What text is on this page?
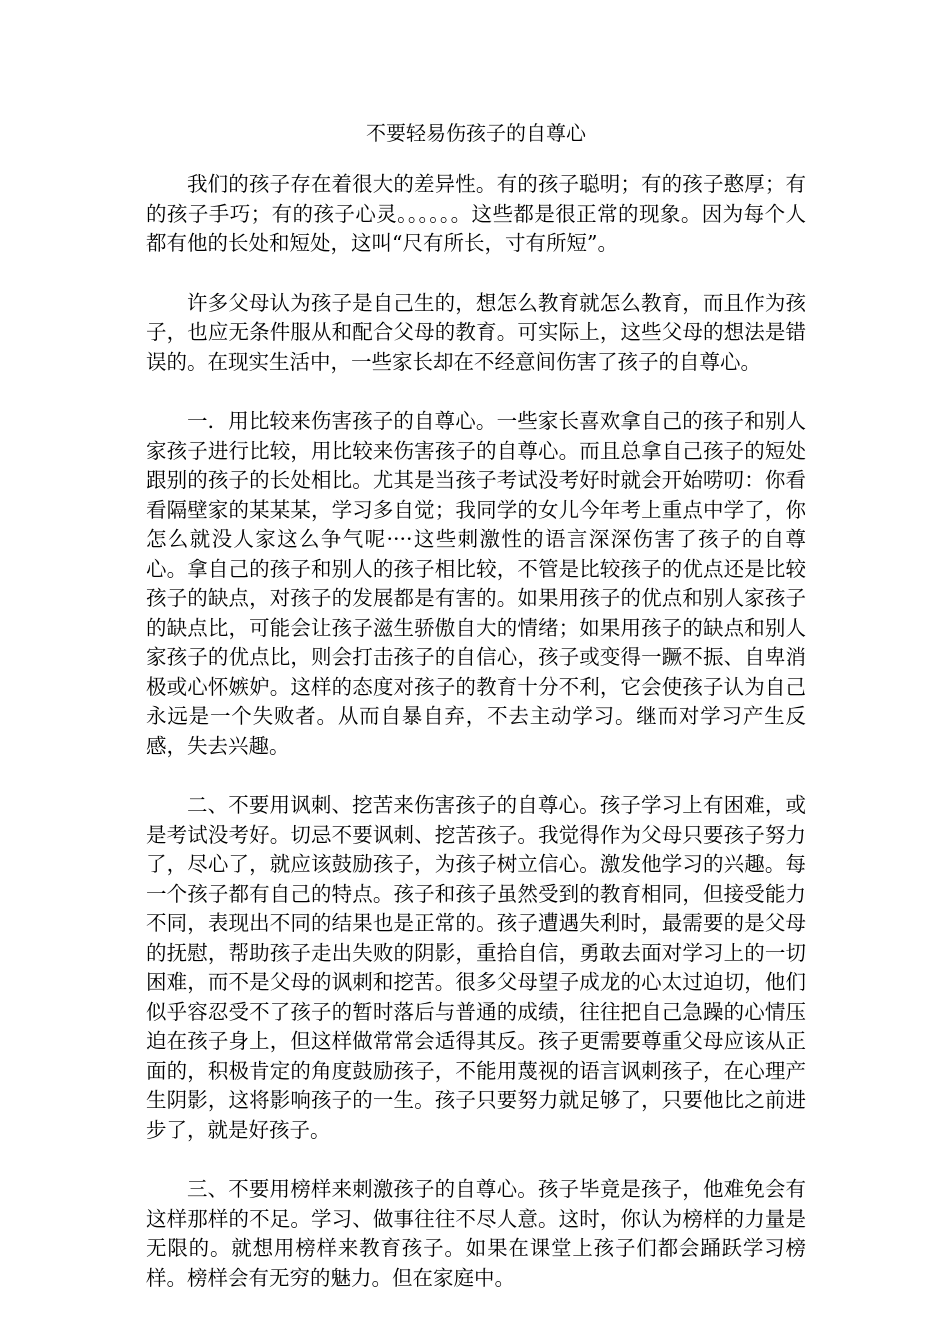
不要轻易伤孩子的自尊心

我们的孩子存在着很大的差异性。有的孩子聪明；有的孩子憨厚；有的孩子手巧；有的孩子心灵。。。。。。这些都是很正常的现象。因为每个人都有他的长处和短处，这叫“尺有所长，寸有所短”。

许多父母认为孩子是自己生的，想怎么教育就怎么教育，而且作为孩子，也应无条件服从和配合父母的教育。可实际上，这些父母的想法是错误的。在现实生活中，一些家长却在不经意间伤害了孩子的自尊心。

一．用比较来伤害孩子的自尊心。一些家长喜欢拿自己的孩子和别人家孩子进行比较，用比较来伤害孩子的自尊心。而且总拿自己孩子的短处跟别的孩子的长处相比。尤其是当孩子考试没考好时就会开始唠叨：你看看隔壁家的某某某，学习多自觉；我同学的女儿今年考上重点中学了，你怎么就没人家这么争气呢····这些刺激性的语言深深伤害了孩子的自尊心。拿自己的孩子和别人的孩子相比较，不管是比较孩子的优点还是比较孩子的缺点，对孩子的发展都是有害的。如果用孩子的优点和别人家孩子的缺点比，可能会让孩子滋生骄傲自大的情绪；如果用孩子的缺点和别人家孩子的优点比，则会打击孩子的自信心，孩子或变得一蹶不振、自卑消极或心怀嫉妒。这样的态度对孩子的教育十分不利，它会使孩子认为自己永远是一个失败者。从而自暴自弃，不去主动学习。继而对学习产生反感，失去兴趣。

二、不要用讽刺、挖苦来伤害孩子的自尊心。孩子学习上有困难，或是考试没考好。切忌不要讽刺、挖苦孩子。我觉得作为父母只要孩子努力了，尽心了，就应该鼓励孩子，为孩子树立信心。激发他学习的兴趣。每一个孩子都有自己的特点。孩子和孩子虽然受到的教育相同，但接受能力不同，表现出不同的结果也是正常的。孩子遭遇失利时，最需要的是父母的抚慰，帮助孩子走出失败的阴影，重拾自信，勇敢去面对学习上的一切困难，而不是父母的讽刺和挖苦。很多父母望子成龙的心太过迫切，他们似乎容忍受不了孩子的暂时落后与普通的成绩，往往把自己急躁的心情压迫在孩子身上，但这样做常常会适得其反。孩子更需要尊重父母应该从正面的，积极肯定的角度鼓励孩子，不能用蔑视的语言讽刺孩子，在心理产生阴影，这将影响孩子的一生。孩子只要努力就足够了，只要他比之前进步了，就是好孩子。

三、不要用榜样来刺激孩子的自尊心。孩子毕竟是孩子，他难免会有这样那样的不足。学习、做事往往不尽人意。这时，你认为榜样的力量是无限的。就想用榜样来教育孩子。如果在课堂上孩子们都会踊跃学习榜样。榜样会有无穷的魅力。但在家庭中。
